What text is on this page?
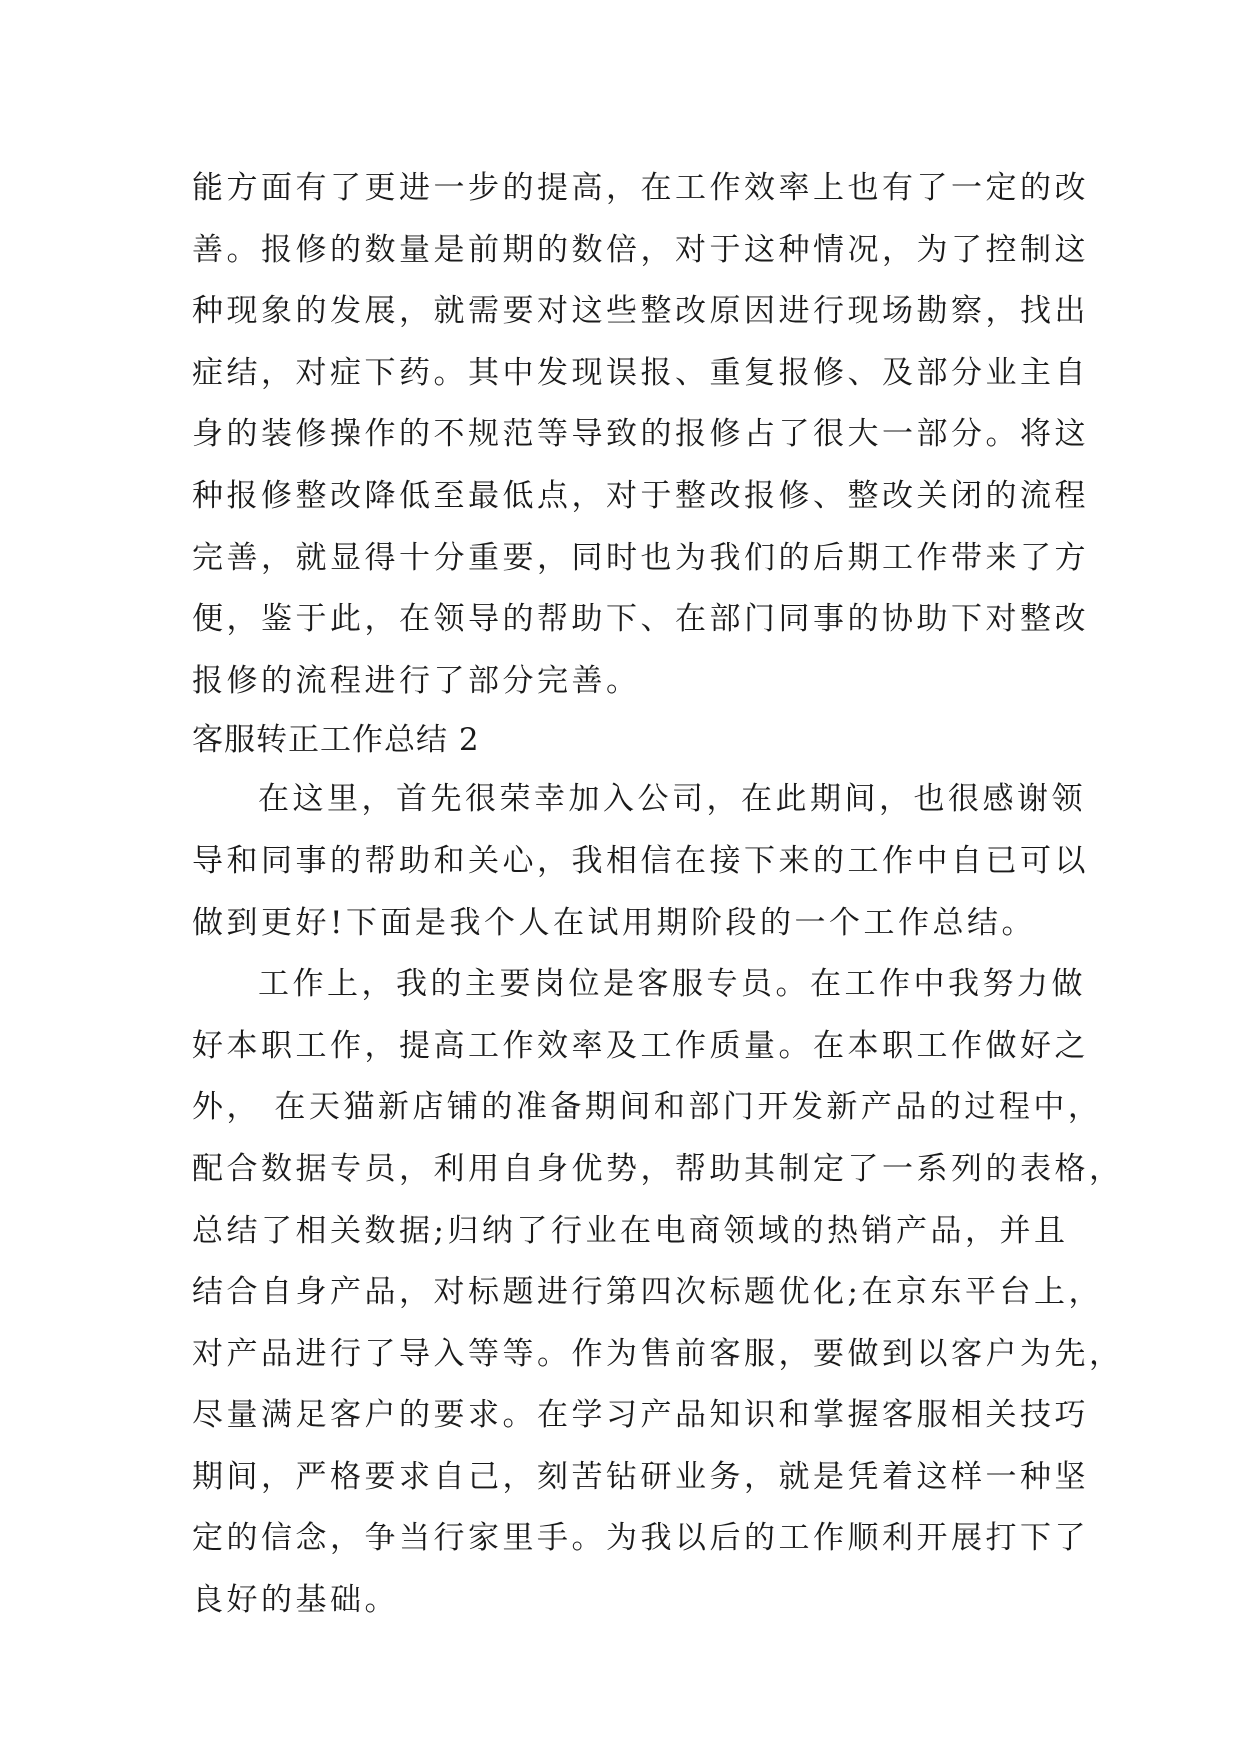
能方面有了更进一步的提高，在工作效率上也有了一定的改
善。报修的数量是前期的数倍，对于这种情况，为了控制这
种现象的发展，就需要对这些整改原因进行现场勘察，找出
症结，对症下药。其中发现误报、重复报修、及部分业主自
身的装修操作的不规范等导致的报修占了很大一部分。将这
种报修整改降低至最低点，对于整改报修、整改关闭的流程
完善，就显得十分重要，同时也为我们的后期工作带来了方
便，鉴于此，在领导的帮助下、在部门同事的协助下对整改
报修的流程进行了部分完善。
客服转正工作总结 2
在这里，首先很荣幸加入公司，在此期间，也很感谢领
导和同事的帮助和关心，我相信在接下来的工作中自已可以
做到更好!下面是我个人在试用期阶段的一个工作总结。
工作上，我的主要岗位是客服专员。在工作中我努力做
好本职工作，提高工作效率及工作质量。在本职工作做好之
外， 在天猫新店铺的准备期间和部门开发新产品的过程中，
配合数据专员，利用自身优势，帮助其制定了一系列的表格，
总结了相关数据;归纳了行业在电商领域的热销产品，并且
结合自身产品，对标题进行第四次标题优化;在京东平台上，
对产品进行了导入等等。作为售前客服，要做到以客户为先，
尽量满足客户的要求。在学习产品知识和掌握客服相关技巧
期间，严格要求自己，刻苦钻研业务，就是凭着这样一种坚
定的信念，争当行家里手。为我以后的工作顺利开展打下了
良好的基础。
